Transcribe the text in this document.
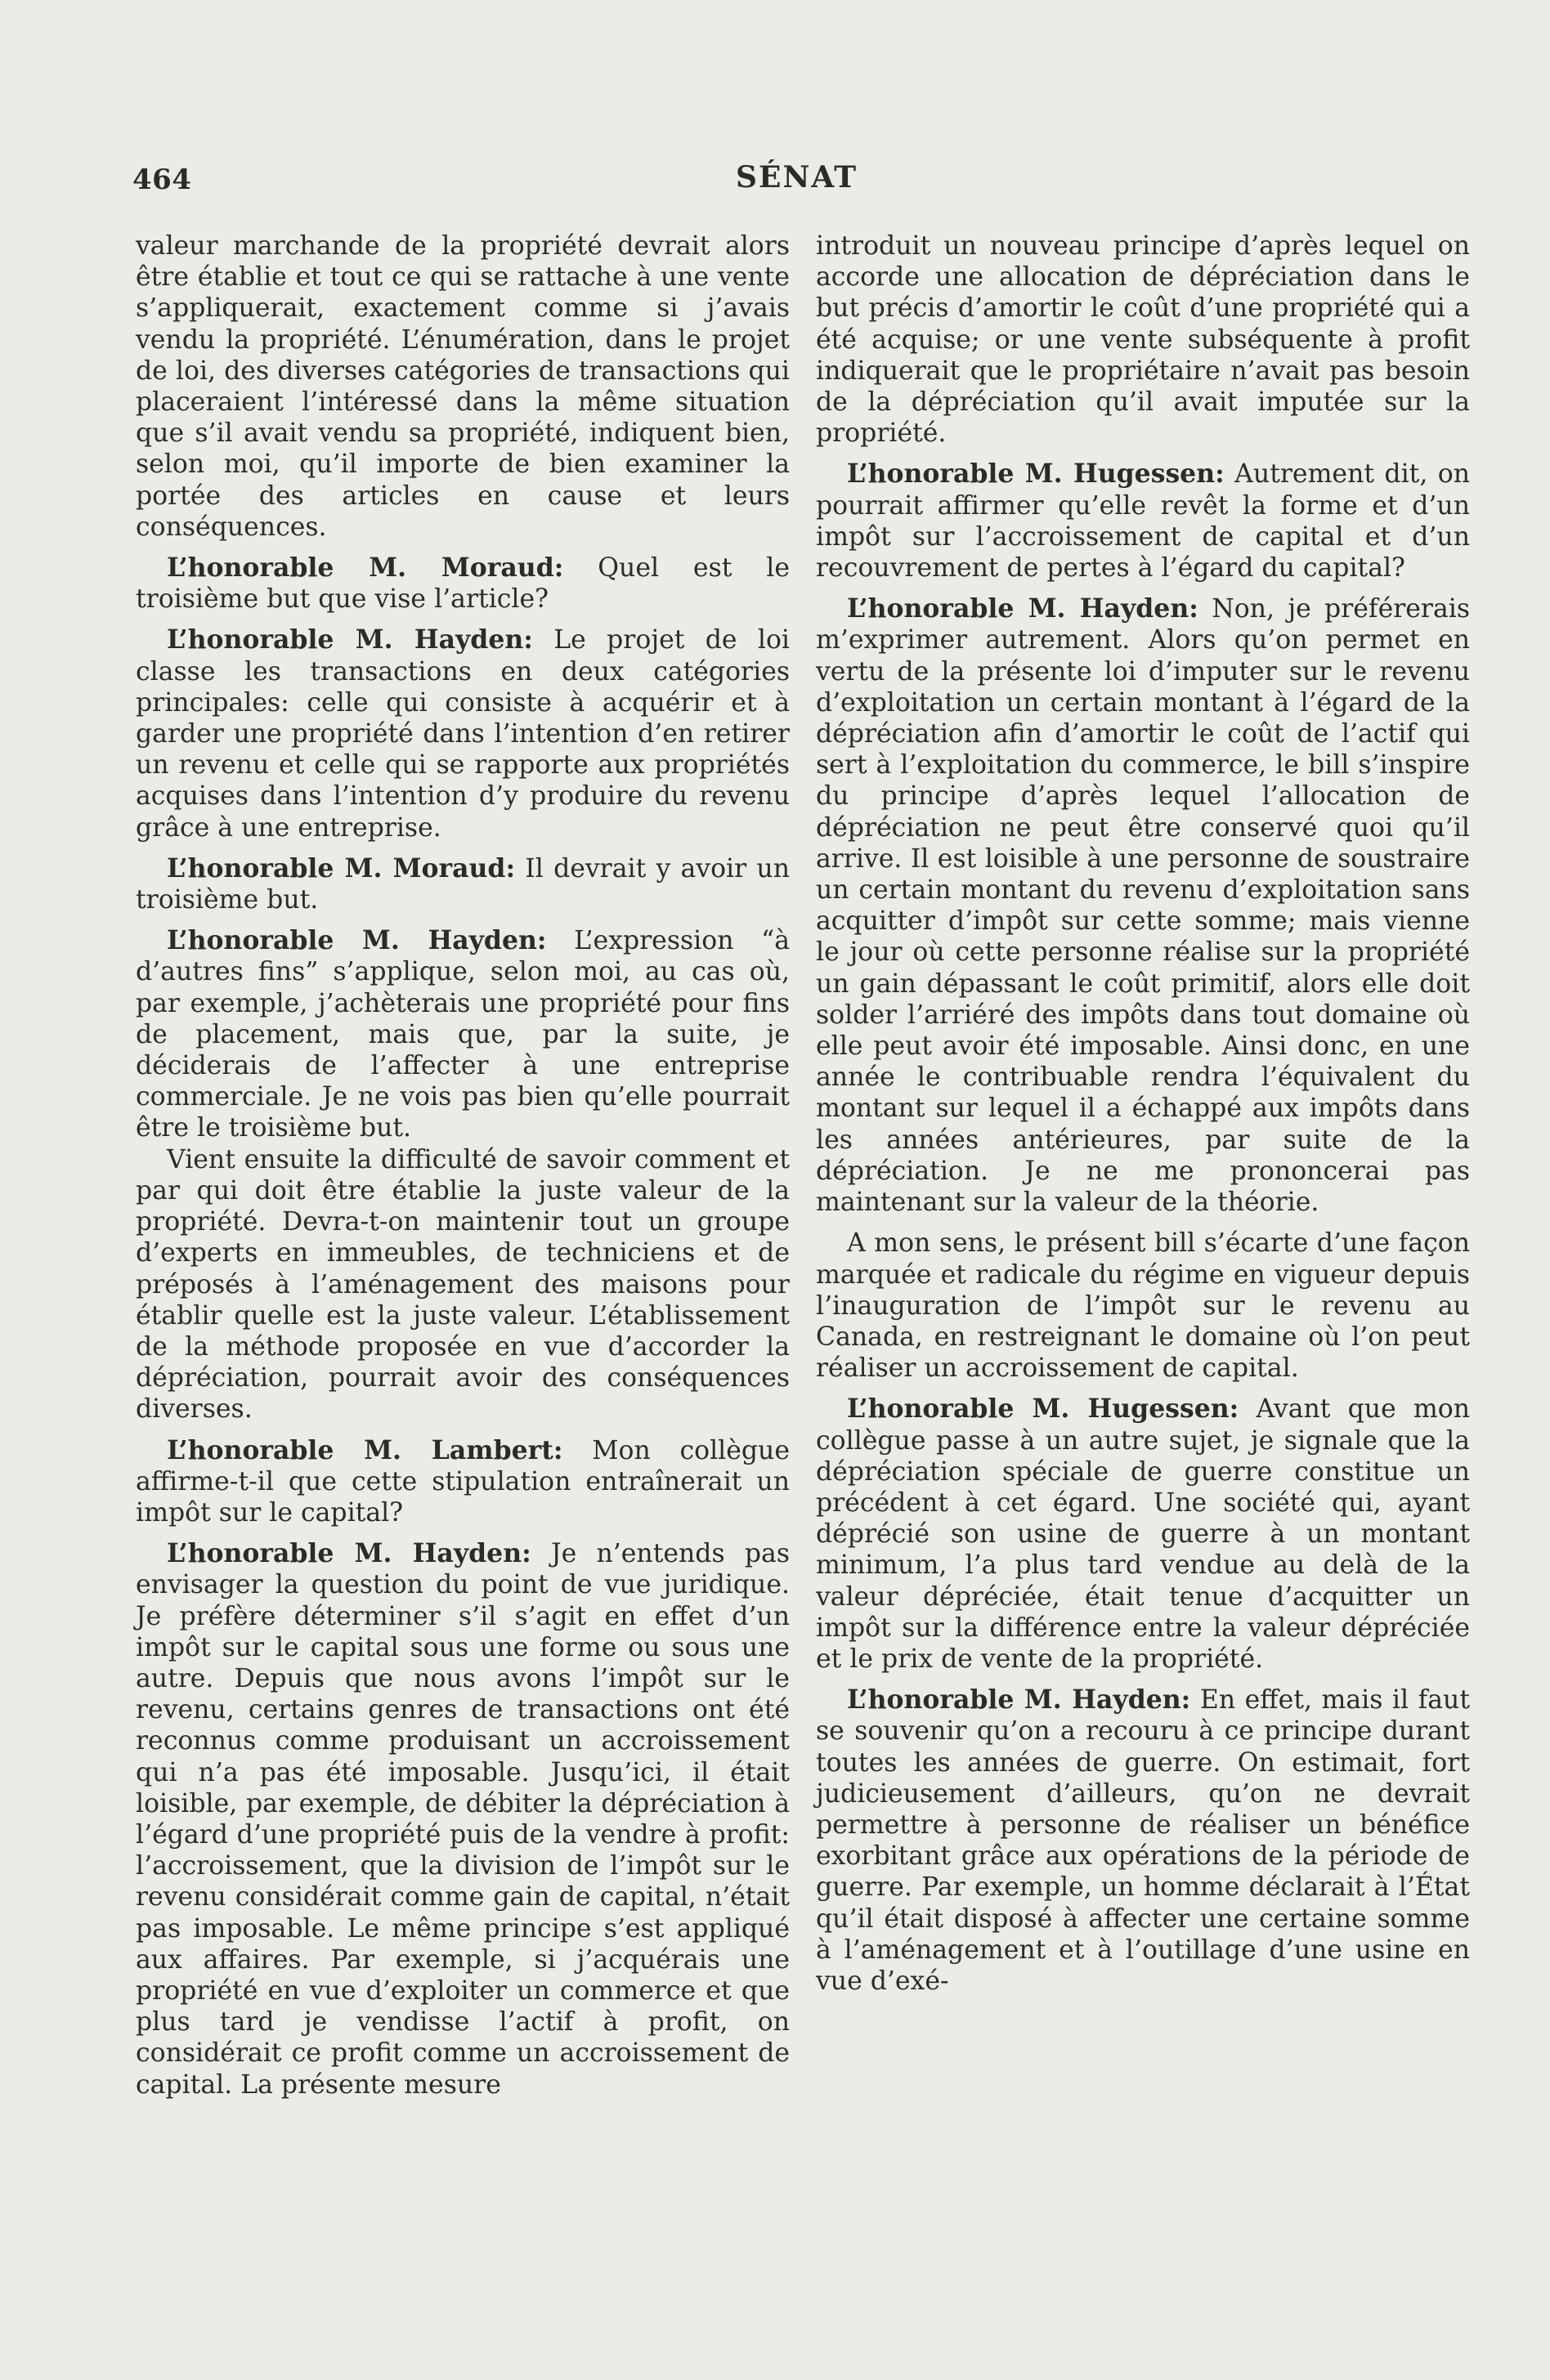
464	SÉNAT

valeur marchande de la propriété devrait alors être établie et tout ce qui se rattache à une vente s’appliquerait, exactement comme si j’avais vendu la propriété. L’énumération, dans le projet de loi, des diverses catégories de transactions qui placeraient l’intéressé dans la même situation que s’il avait vendu sa propriété, indiquent bien, selon moi, qu’il importe de bien examiner la portée des articles en cause et leurs conséquences.

L’honorable M. Moraud: Quel est le troisième but que vise l’article?

L’honorable M. Hayden: Le projet de loi classe les transactions en deux catégories principales: celle qui consiste à acquérir et à garder une propriété dans l’intention d’en retirer un revenu et celle qui se rapporte aux propriétés acquises dans l’intention d’y produire du revenu grâce à une entreprise.

L’honorable M. Moraud: Il devrait y avoir un troisième but.

L’honorable M. Hayden: L’expression “à d’autres fins” s’applique, selon moi, au cas où, par exemple, j’achèterais une propriété pour fins de placement, mais que, par la suite, je déciderais de l’affecter à une entreprise commerciale. Je ne vois pas bien qu’elle pourrait être le troisième but.

Vient ensuite la difficulté de savoir comment et par qui doit être établie la juste valeur de la propriété. Devra-t-on maintenir tout un groupe d’experts en immeubles, de techniciens et de préposés à l’aménagement des maisons pour établir quelle est la juste valeur. L’établissement de la méthode proposée en vue d’accorder la dépréciation, pourrait avoir des conséquences diverses.

L’honorable M. Lambert: Mon collègue affirme-t-il que cette stipulation entraînerait un impôt sur le capital?

L’honorable M. Hayden: Je n’entends pas envisager la question du point de vue juridique. Je préfère déterminer s’il s’agit en effet d’un impôt sur le capital sous une forme ou sous une autre. Depuis que nous avons l’impôt sur le revenu, certains genres de transactions ont été reconnus comme produisant un accroissement qui n’a pas été imposable. Jusqu’ici, il était loisible, par exemple, de débiter la dépréciation à l’égard d’une propriété puis de la vendre à profit: l’accroissement, que la division de l’impôt sur le revenu considérait comme gain de capital, n’était pas imposable. Le même principe s’est appliqué aux affaires. Par exemple, si j’acquérais une propriété en vue d’exploiter un commerce et que plus tard je vendisse l’actif à profit, on considérait ce profit comme un accroissement de capital. La présente mesure

introduit un nouveau principe d’après lequel on accorde une allocation de dépréciation dans le but précis d’amortir le coût d’une propriété qui a été acquise; or une vente subséquente à profit indiquerait que le propriétaire n’avait pas besoin de la dépréciation qu’il avait imputée sur la propriété.

L’honorable M. Hugessen: Autrement dit, on pourrait affirmer qu’elle revêt la forme et d’un impôt sur l’accroissement de capital et d’un recouvrement de pertes à l’égard du capital?

L’honorable M. Hayden: Non, je préférerais m’exprimer autrement. Alors qu’on permet en vertu de la présente loi d’imputer sur le revenu d’exploitation un certain montant à l’égard de la dépréciation afin d’amortir le coût de l’actif qui sert à l’exploitation du commerce, le bill s’inspire du principe d’après lequel l’allocation de dépréciation ne peut être conservé quoi qu’il arrive. Il est loisible à une personne de soustraire un certain montant du revenu d’exploitation sans acquitter d’impôt sur cette somme; mais vienne le jour où cette personne réalise sur la propriété un gain dépassant le coût primitif, alors elle doit solder l’arriéré des impôts dans tout domaine où elle peut avoir été imposable. Ainsi donc, en une année le contribuable rendra l’équivalent du montant sur lequel il a échappé aux impôts dans les années antérieures, par suite de la dépréciation. Je ne me prononcerai pas maintenant sur la valeur de la théorie.

A mon sens, le présent bill s’écarte d’une façon marquée et radicale du régime en vigueur depuis l’inauguration de l’impôt sur le revenu au Canada, en restreignant le domaine où l’on peut réaliser un accroissement de capital.

L’honorable M. Hugessen: Avant que mon collègue passe à un autre sujet, je signale que la dépréciation spéciale de guerre constitue un précédent à cet égard. Une société qui, ayant déprécié son usine de guerre à un montant minimum, l’a plus tard vendue au delà de la valeur dépréciée, était tenue d’acquitter un impôt sur la différence entre la valeur dépréciée et le prix de vente de la propriété.

L’honorable M. Hayden: En effet, mais il faut se souvenir qu’on a recouru à ce principe durant toutes les années de guerre. On estimait, fort judicieusement d’ailleurs, qu’on ne devrait permettre à personne de réaliser un bénéfice exorbitant grâce aux opérations de la période de guerre. Par exemple, un homme déclarait à l’État qu’il était disposé à affecter une certaine somme à l’aménagement et à l’outillage d’une usine en vue d’exé-
